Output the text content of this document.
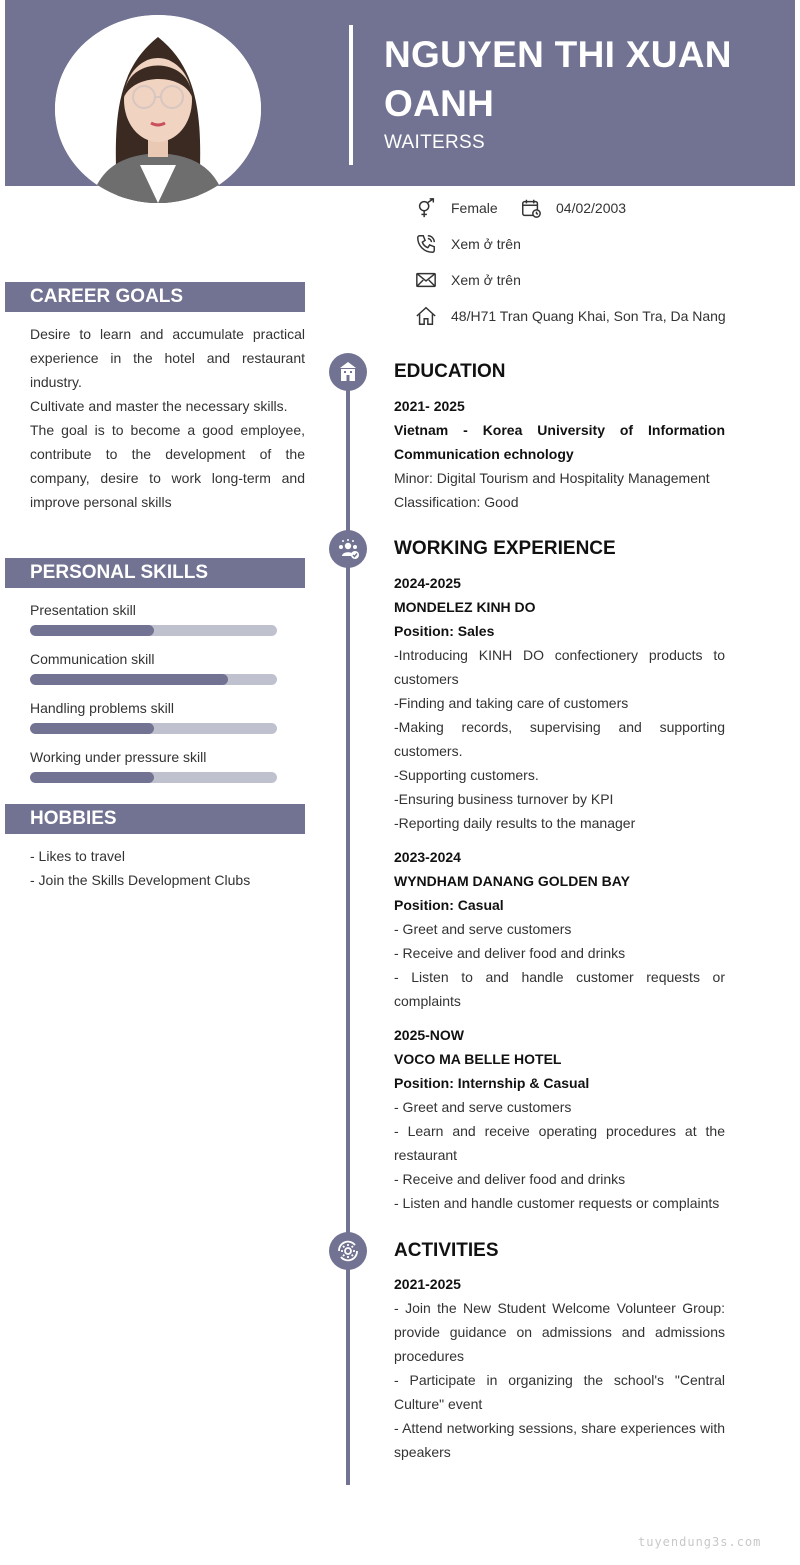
NGUYEN THI XUAN OANH
WAITERSS
Female	04/02/2003
Xem ở trên
Xem ở trên
48/H71 Tran Quang Khai, Son Tra, Da Nang
CAREER GOALS

Desire to learn and accumulate practical experience in the hotel and restaurant industry.

Cultivate and master the necessary skills.

The goal is to become a good employee, contribute to the development of the company, desire to work long-term and improve personal skills

PERSONAL SKILLS
Presentation skill
Communication skill
Handling problems skill
Working under pressure skill
HOBBIES

- Likes to travel

- Join the Skills Development Clubs

EDUCATION

2021- 2025

Vietnam - Korea University of Information Communication echnology

Minor: Digital Tourism and Hospitality Management

Classification: Good

WORKING EXPERIENCE

2024-2025

MONDELEZ KINH DO

Position: Sales

-Introducing KINH DO confectionery products to customers

-Finding and taking care of customers

-Making records, supervising and supporting customers.

-Supporting customers.

-Ensuring business turnover by KPI

-Reporting daily results to the manager

2023-2024

WYNDHAM DANANG GOLDEN BAY

Position: Casual

- Greet and serve customers

- Receive and deliver food and drinks

- Listen to and handle customer requests or complaints

2025-NOW

VOCO MA BELLE HOTEL

Position: Internship & Casual

- Greet and serve customers

- Learn and receive operating procedures at the restaurant

- Receive and deliver food and drinks

- Listen and handle customer requests or complaints

ACTIVITIES

2021-2025

- Join the New Student Welcome Volunteer Group: provide guidance on admissions and admissions procedures

- Participate in organizing the school's "Central Culture" event

- Attend networking sessions, share experiences with speakers

tuyendung3s.com
